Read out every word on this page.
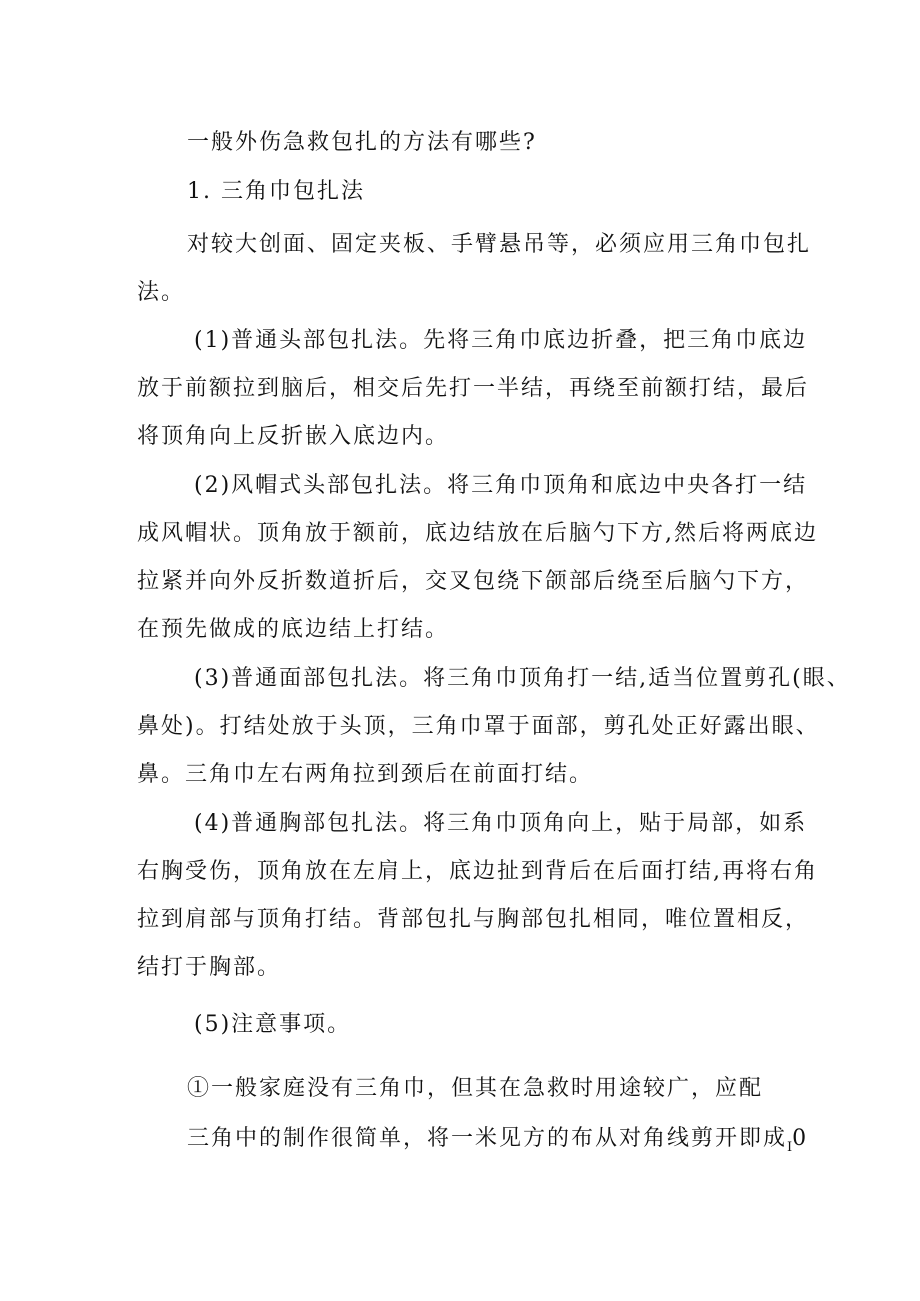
一般外伤急救包扎的方法有哪些?
1. 三角巾包扎法
对较大创面、固定夹板、手臂悬吊等，必须应用三角巾包扎
法。
(1)普通头部包扎法。先将三角巾底边折叠，把三角巾底边
放于前额拉到脑后，相交后先打一半结，再绕至前额打结，最后
将顶角向上反折嵌入底边内。
(2)风帽式头部包扎法。将三角巾顶角和底边中央各打一结
成风帽状。顶角放于额前，底边结放在后脑勺下方,然后将两底边
拉紧并向外反折数道折后，交叉包绕下颌部后绕至后脑勺下方，
在预先做成的底边结上打结。
(3)普通面部包扎法。将三角巾顶角打一结,适当位置剪孔(眼、
鼻处)。打结处放于头顶，三角巾罩于面部，剪孔处正好露出眼、
鼻。三角巾左右两角拉到颈后在前面打结。
(4)普通胸部包扎法。将三角巾顶角向上，贴于局部，如系
右胸受伤，顶角放在左肩上，底边扯到背后在后面打结,再将右角
拉到肩部与顶角打结。背部包扎与胸部包扎相同，唯位置相反，
结打于胸部。
(5)注意事项。
①一般家庭没有三角巾，但其在急救时用途较广，应配
三角中的制作很简单，将一米见方的布从对角线剪开即成$_I$0
